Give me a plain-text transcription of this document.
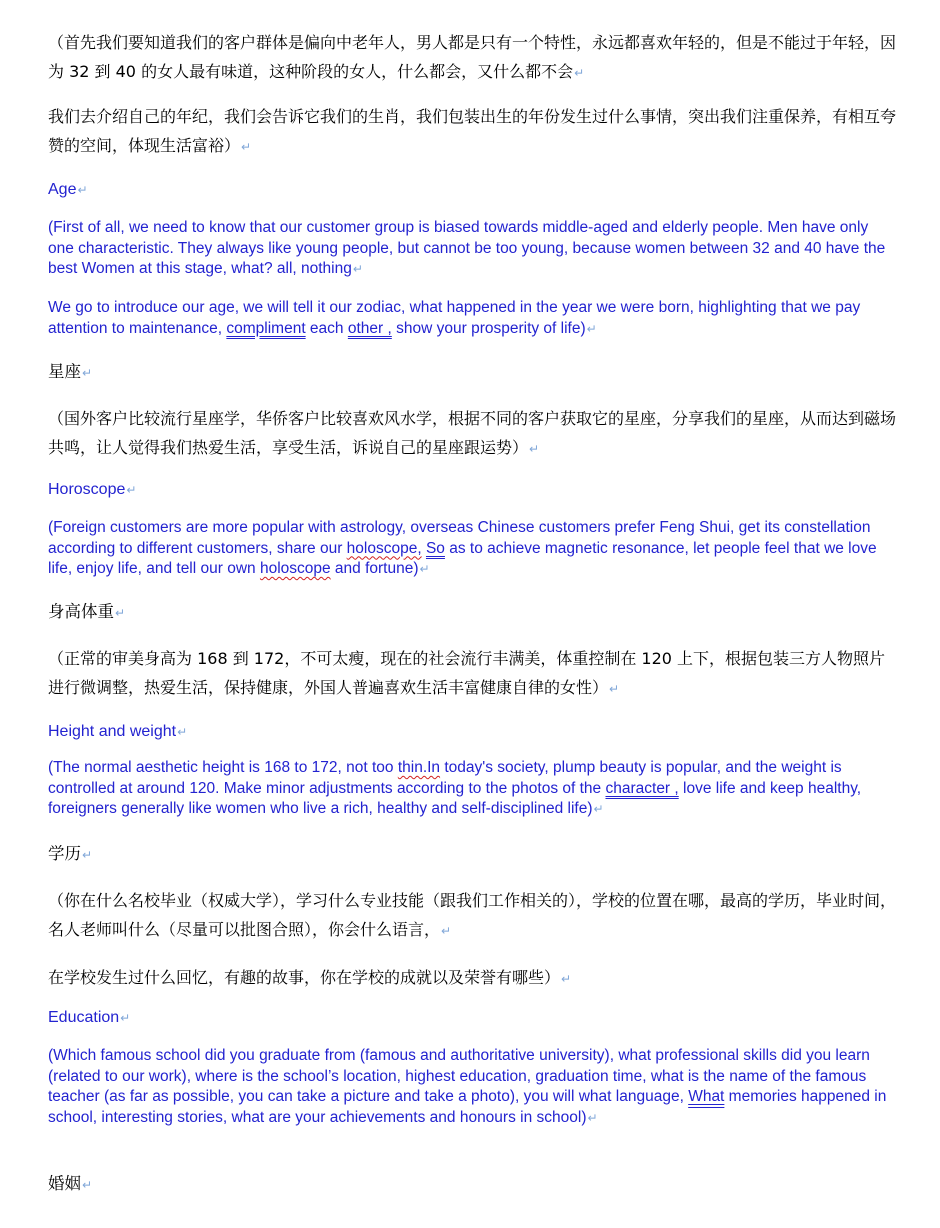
（首先我们要知道我们的客户群体是偏向中老年人，男人都是只有一个特性，永远都喜欢年轻的，但是不能过于年轻，因为 32 到 40 的女人最有味道，这种阶段的女人，什么都会，又什么都不会↵

我们去介绍自己的年纪，我们会告诉它我们的生肖，我们包装出生的年份发生过什么事情，突出我们注重保养，有相互夸赞的空间，体现生活富裕）↵

Age↵

(First of all, we need to know that our customer group is biased towards middle-aged and elderly people. Men have only one characteristic. They always like young people, but cannot be too young, because women between 32 and 40 have the best Women at this stage, what? all, nothing↵

We go to introduce our age, we will tell it our zodiac, what happened in the year we were born, highlighting that we pay attention to maintenance, compliment each other , show your prosperity of life)↵

星座↵

（国外客户比较流行星座学，华侨客户比较喜欢风水学，根据不同的客户获取它的星座，分享我们的星座，从而达到磁场共鸣，让人觉得我们热爱生活，享受生活，诉说自己的星座跟运势）↵

Horoscope↵

(Foreign customers are more popular with astrology, overseas Chinese customers prefer Feng Shui, get its constellation according to different customers, share our holoscope, So as to achieve magnetic resonance, let people feel that we love life, enjoy life, and tell our own holoscope and fortune)↵

身高体重↵

（正常的审美身高为 168 到 172，不可太瘦，现在的社会流行丰满美，体重控制在 120 上下，根据包装三方人物照片进行微调整，热爱生活，保持健康，外国人普遍喜欢生活丰富健康自律的女性）↵

Height and weight↵

(The normal aesthetic height is 168 to 172, not too thin.In today's society, plump beauty is popular, and the weight is controlled at around 120. Make minor adjustments according to the photos of the character , love life and keep healthy, foreigners generally like women who live a rich, healthy and self-disciplined life)↵

学历↵

（你在什么名校毕业（权威大学），学习什么专业技能（跟我们工作相关的），学校的位置在哪，最高的学历，毕业时间，名人老师叫什么（尽量可以批图合照），你会什么语言，↵

在学校发生过什么回忆，有趣的故事，你在学校的成就以及荣誉有哪些）↵

Education↵

(Which famous school did you graduate from (famous and authoritative university), what professional skills did you learn (related to our work), where is the school’s location, highest education, graduation time, what is the name of the famous teacher (as far as possible, you can take a picture and take a photo), you will what language, What memories happened in school, interesting stories, what are your achievements and honours in school)↵

婚姻↵
